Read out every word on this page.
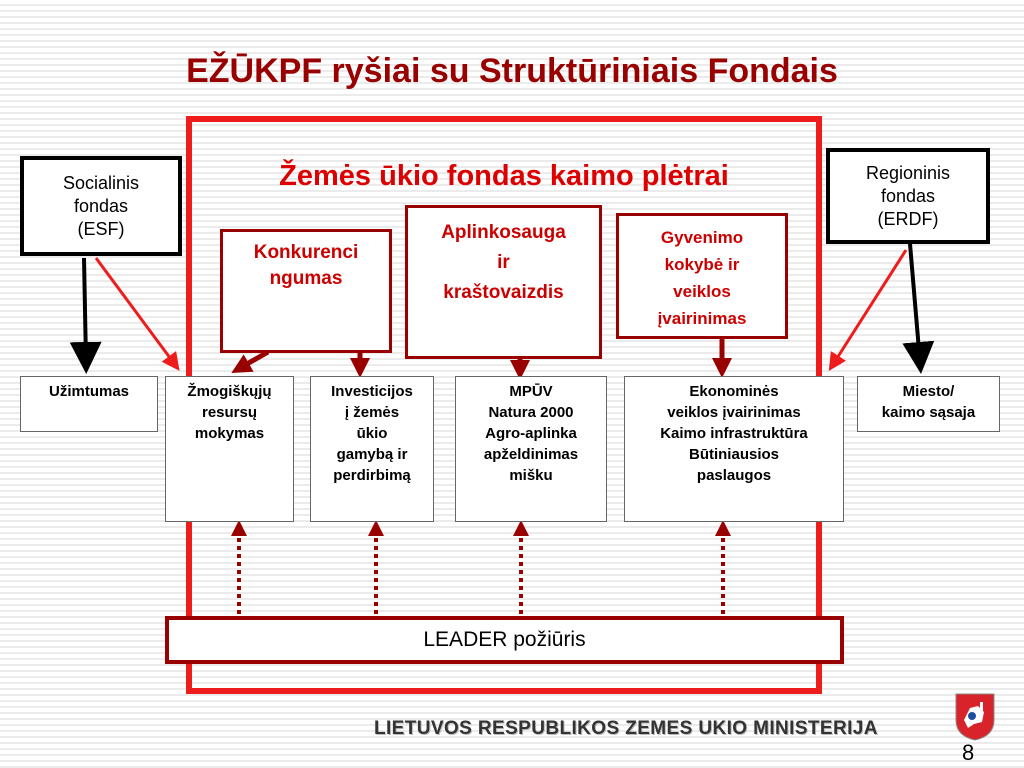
EŽŪKPF ryšiai su Struktūriniais Fondais
Žemės ūkio fondas kaimo plėtrai
Socialinis
fondas
(ESF)
Regioninis
fondas
(ERDF)
Konkurenci
ngumas
Aplinkosauga
ir
kraštovaizdis
Gyvenimo
kokybė ir
veiklos
įvairinimas
Užimtumas	Žmogiškųjų
resursų
mokymas
Investicijos
į žemės
ūkio
gamybą ir
perdirbimą
MPŪV
Natura 2000
Agro-aplinka
apželdinimas
mišku
Ekonominės
veiklos įvairinimas
Kaimo infrastruktūra
Būtiniausios
paslaugos
Miesto/
kaimo sąsaja
LEADER požiūris
LIETUVOS RESPUBLIKOS ZEMES UKIO MINISTERIJA
8
